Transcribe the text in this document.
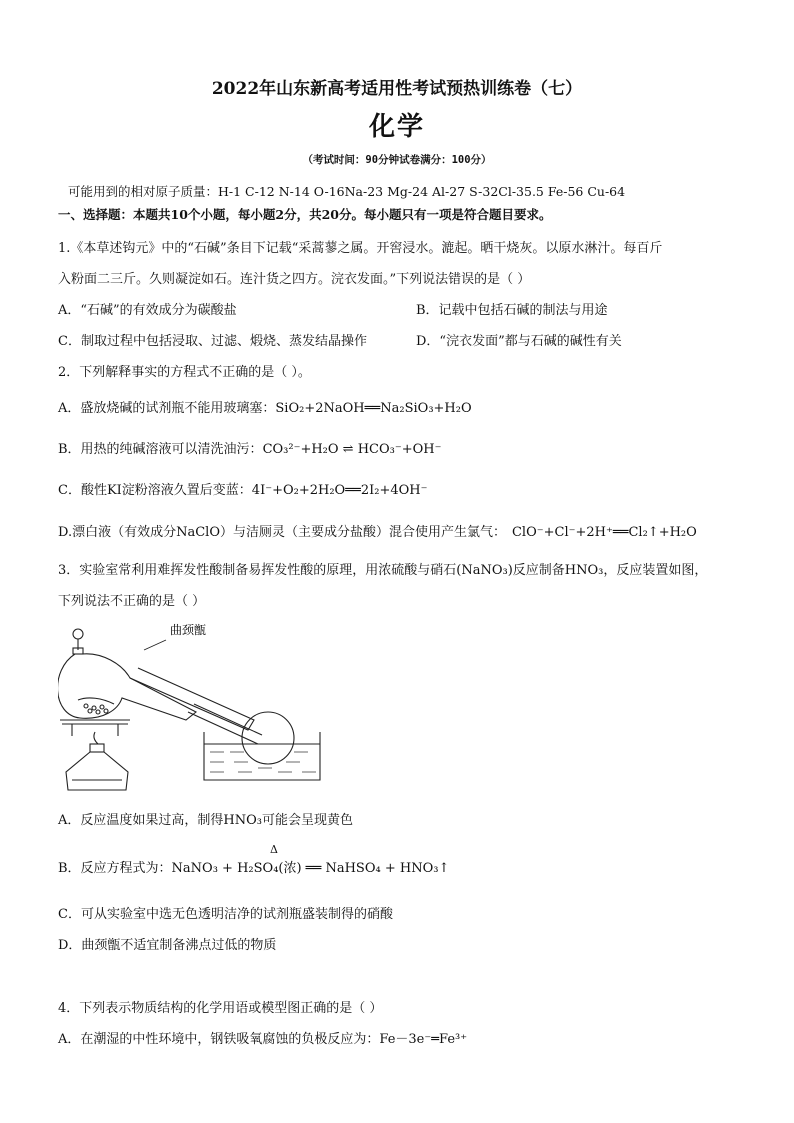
2022年山东新高考适用性考试预热训练卷（七）
化学
（考试时间：90分钟试卷满分：100分）
可能用到的相对原子质量：H-1 C-12 N-14 O-16Na-23 Mg-24 Al-27 S-32Cl-35.5 Fe-56 Cu-64
一、选择题：本题共10个小题，每小题2分，共20分。每小题只有一项是符合题目要求。
1.《本草述钩元》中的“石碱”条目下记载“采蒿蓼之属。开窖浸水。漉起。晒干烧灰。以原水淋汁。每百斤
入粉面二三斤。久则凝淀如石。连汁货之四方。浣衣发面。”下列说法错误的是（ ）
A．“石碱”的有效成分为碳酸盐	B．记载中包括石碱的制法与用途
C．制取过程中包括浸取、过滤、煅烧、蒸发结晶操作	D．“浣衣发面”都与石碱的碱性有关
2．下列解释事实的方程式不正确的是（ ）。
A．盛放烧碱的试剂瓶不能用玻璃塞：SiO₂+2NaOH══Na₂SiO₃+H₂O
B．用热的纯碱溶液可以清洗油污：CO₃²⁻+H₂O ⇌ HCO₃⁻+OH⁻
C．酸性KI淀粉溶液久置后变蓝：4I⁻+O₂+2H₂O══2I₂+4OH⁻
D.漂白液（有效成分NaClO）与洁厕灵（主要成分盐酸）混合使用产生氯气： ClO⁻+Cl⁻+2H⁺══Cl₂↑+H₂O
3．实验室常利用难挥发性酸制备易挥发性酸的原理，用浓硫酸与硝石(NaNO₃)反应制备HNO₃，反应装置如图，
下列说法不正确的是（ ）
曲颈甑
A．反应温度如果过高，制得HNO₃可能会呈现黄色
B．反应方程式为：NaNO₃ + H₂SO₄(浓) ══ NaHSO₄ + HNO₃↑
Δ
C．可从实验室中选无色透明洁净的试剂瓶盛装制得的硝酸
D．曲颈甑不适宜制备沸点过低的物质
4．下列表示物质结构的化学用语或模型图正确的是（ ）
A．在潮湿的中性环境中，钢铁吸氧腐蚀的负极反应为：Fe－3e⁻═Fe³⁺
